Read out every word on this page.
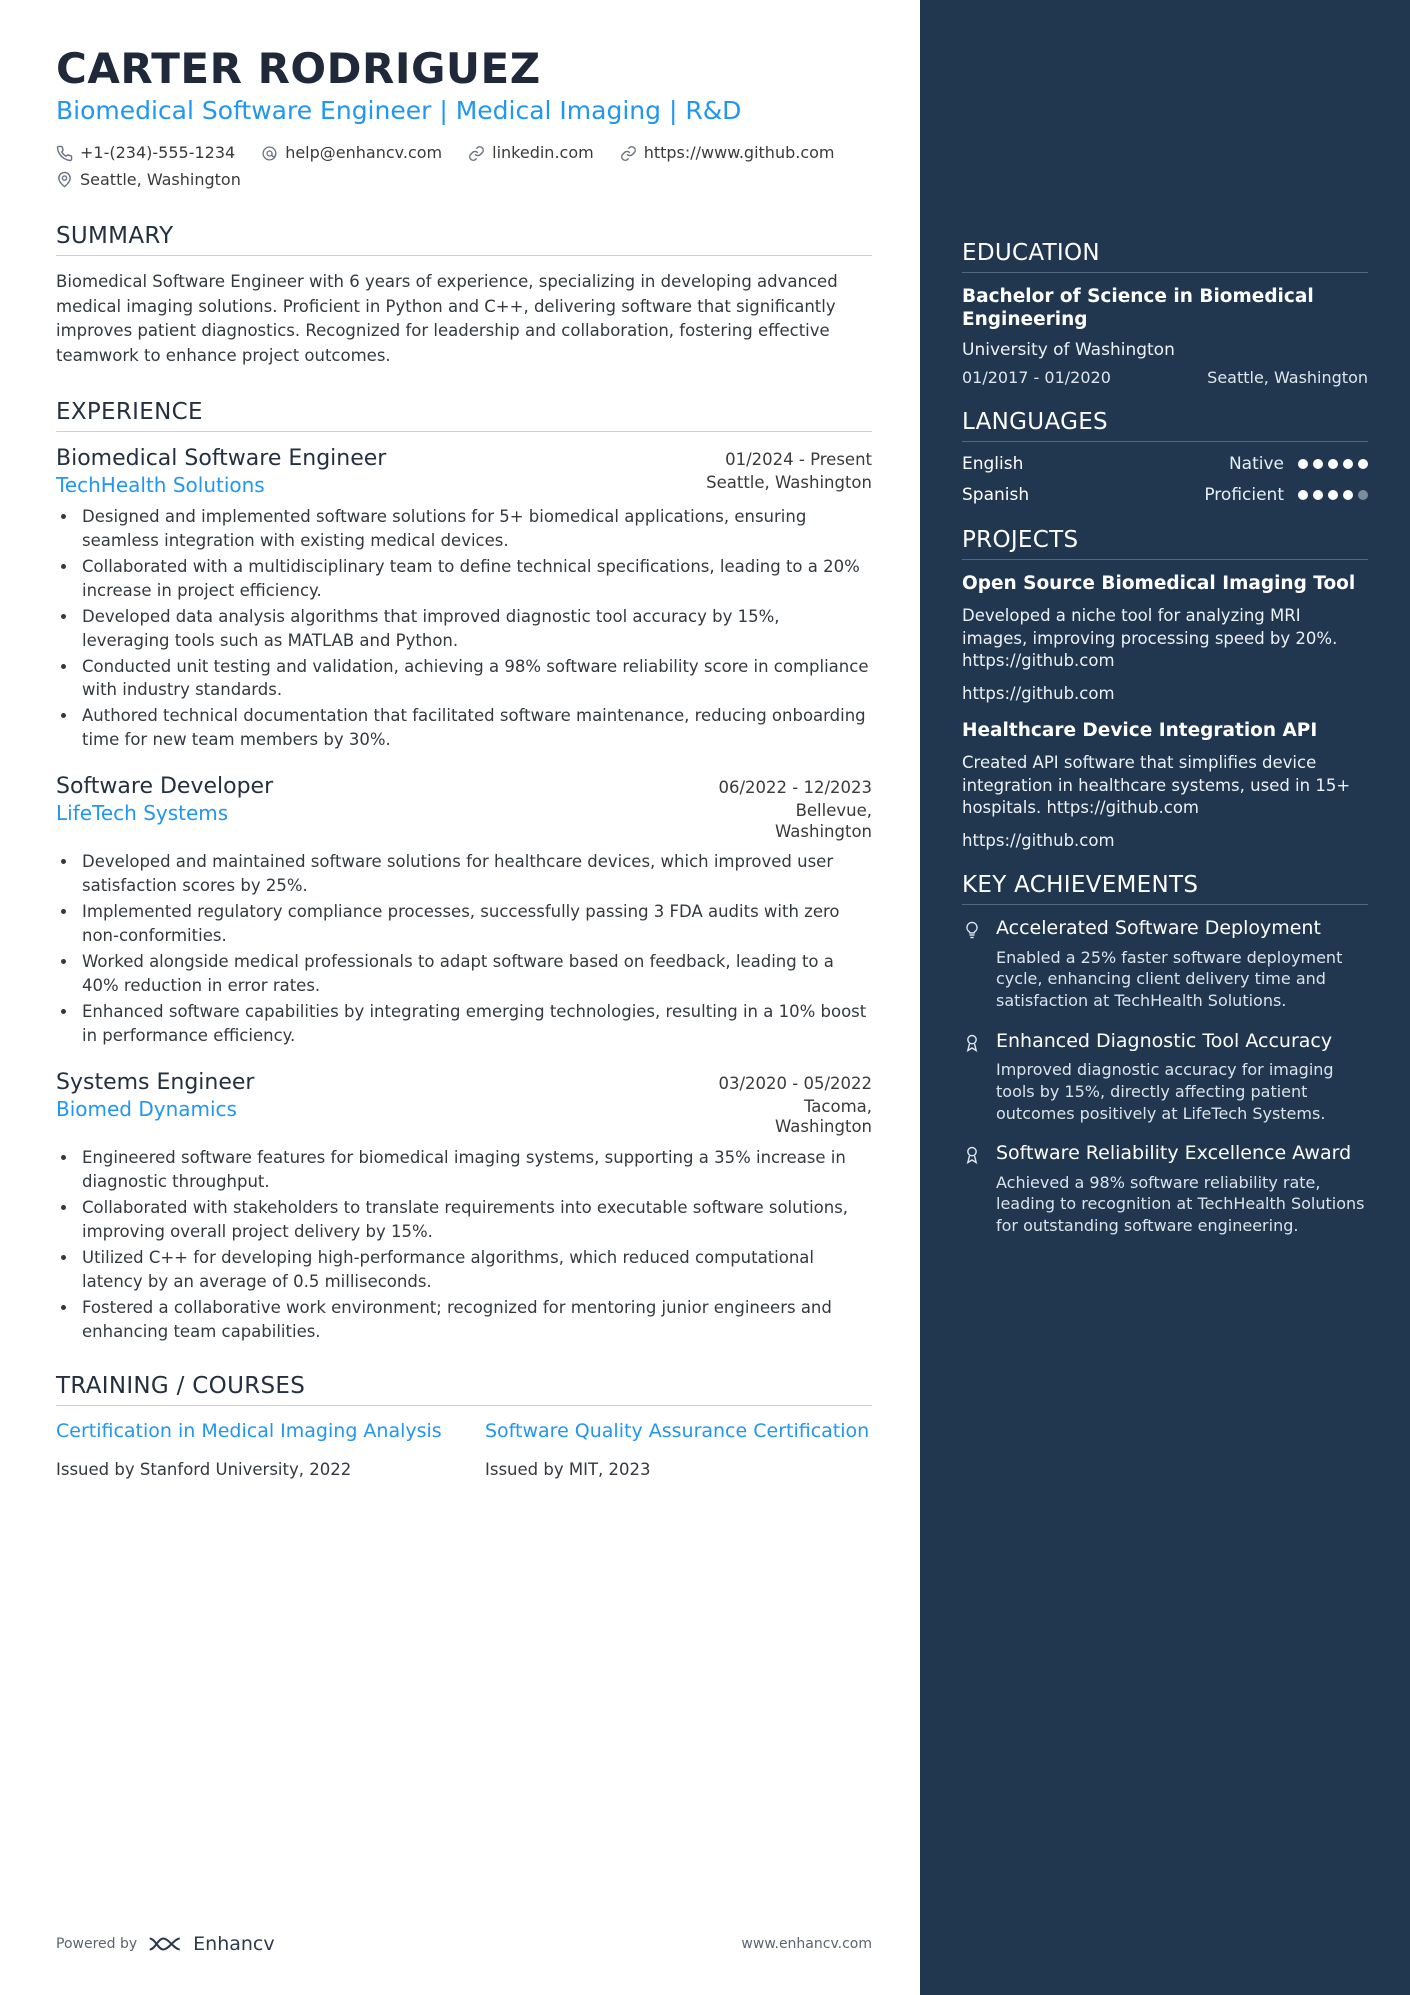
CARTER RODRIGUEZ
Biomedical Software Engineer | Medical Imaging | R&D
+1-(234)-555-1234	help@enhancv.com	linkedin.com	https://www.github.com
Seattle, Washington
SUMMARY
Biomedical Software Engineer with 6 years of experience, specializing in developing advanced medical imaging solutions. Proficient in Python and C++, delivering software that significantly improves patient diagnostics. Recognized for leadership and collaboration, fostering effective teamwork to enhance project outcomes.
EXPERIENCE
Biomedical Software Engineer	01/2024 - Present
TechHealth Solutions	Seattle, Washington
• Designed and implemented software solutions for 5+ biomedical applications, ensuring seamless integration with existing medical devices.
• Collaborated with a multidisciplinary team to define technical specifications, leading to a 20% increase in project efficiency.
• Developed data analysis algorithms that improved diagnostic tool accuracy by 15%, leveraging tools such as MATLAB and Python.
• Conducted unit testing and validation, achieving a 98% software reliability score in compliance with industry standards.
• Authored technical documentation that facilitated software maintenance, reducing onboarding time for new team members by 30%.
Software Developer	06/2022 - 12/2023
LifeTech Systems	Bellevue, Washington
• Developed and maintained software solutions for healthcare devices, which improved user satisfaction scores by 25%.
• Implemented regulatory compliance processes, successfully passing 3 FDA audits with zero non-conformities.
• Worked alongside medical professionals to adapt software based on feedback, leading to a 40% reduction in error rates.
• Enhanced software capabilities by integrating emerging technologies, resulting in a 10% boost in performance efficiency.
Systems Engineer	03/2020 - 05/2022
Biomed Dynamics	Tacoma, Washington
• Engineered software features for biomedical imaging systems, supporting a 35% increase in diagnostic throughput.
• Collaborated with stakeholders to translate requirements into executable software solutions, improving overall project delivery by 15%.
• Utilized C++ for developing high-performance algorithms, which reduced computational latency by an average of 0.5 milliseconds.
• Fostered a collaborative work environment; recognized for mentoring junior engineers and enhancing team capabilities.
TRAINING / COURSES
Certification in Medical Imaging Analysis
Issued by Stanford University, 2022
Software Quality Assurance Certification
Issued by MIT, 2023
Powered by	Enhancv	www.enhancv.com
EDUCATION
Bachelor of Science in Biomedical Engineering
University of Washington
01/2017 - 01/2020	Seattle, Washington
LANGUAGES
English	Native
Spanish	Proficient
PROJECTS
Open Source Biomedical Imaging Tool
Developed a niche tool for analyzing MRI images, improving processing speed by 20%. https://github.com
https://github.com
Healthcare Device Integration API
Created API software that simplifies device integration in healthcare systems, used in 15+ hospitals. https://github.com
https://github.com
KEY ACHIEVEMENTS
Accelerated Software Deployment
Enabled a 25% faster software deployment cycle, enhancing client delivery time and satisfaction at TechHealth Solutions.
Enhanced Diagnostic Tool Accuracy
Improved diagnostic accuracy for imaging tools by 15%, directly affecting patient outcomes positively at LifeTech Systems.
Software Reliability Excellence Award
Achieved a 98% software reliability rate, leading to recognition at TechHealth Solutions for outstanding software engineering.
